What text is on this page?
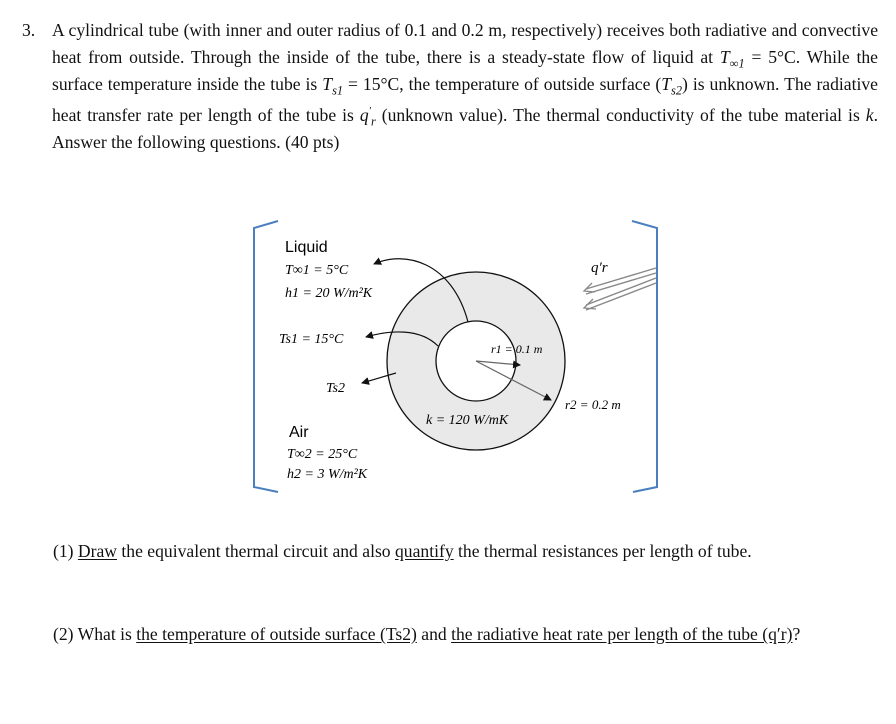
3. A cylindrical tube (with inner and outer radius of 0.1 and 0.2 m, respectively) receives both radiative and convective heat from outside. Through the inside of the tube, there is a steady-state flow of liquid at $T_{\infty 1} = 5^\circ C$. While the surface temperature inside the tube is $T_{s1} = 15^\circ C$, the temperature of outside surface $(T_{s2})$ is unknown. The radiative heat transfer rate per length of the tube is $q'_r$ (unknown value). The thermal conductivity of the tube material is k. Answer the following questions. (40 pts)
Liquid
T∞1 = 5°C
h1 = 20 W/m²K
Ts1 = 15°C
Ts2
Air
T∞2 = 25°C
h2 = 3 W/m²K
q′r
r1 = 0.1 m
r2 = 0.2 m
k = 120 W/mK
(1) Draw the equivalent thermal circuit and also quantify the thermal resistances per length of tube.
(2) What is the temperature of outside surface (Ts2) and the radiative heat rate per length of the tube (q′r)?
